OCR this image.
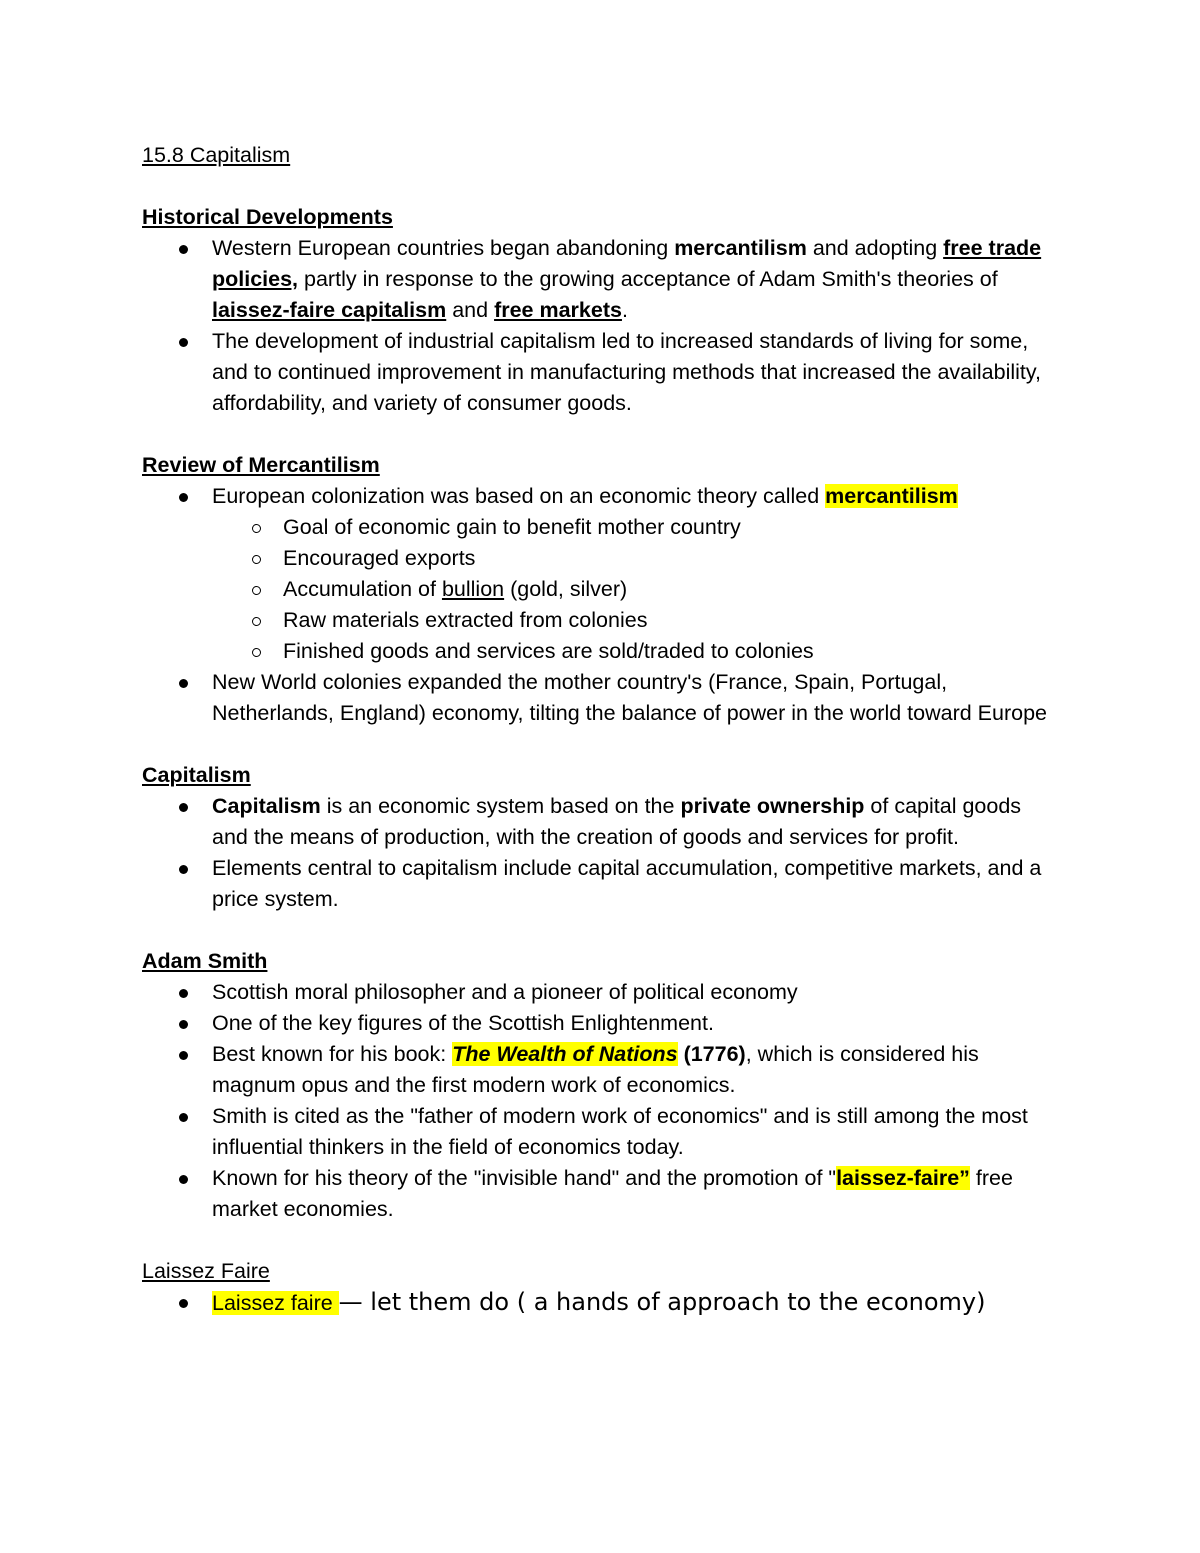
15.8 Capitalism
Historical Developments
Western European countries began abandoning mercantilism and adopting free trade policies, partly in response to the growing acceptance of Adam Smith's theories of laissez-faire capitalism and free markets.
The development of industrial capitalism led to increased standards of living for some, and to continued improvement in manufacturing methods that increased the availability, affordability, and variety of consumer goods.
Review of Mercantilism
European colonization was based on an economic theory called mercantilism
Goal of economic gain to benefit mother country
Encouraged exports
Accumulation of bullion (gold, silver)
Raw materials extracted from colonies
Finished goods and services are sold/traded to colonies
New World colonies expanded the mother country's (France, Spain, Portugal, Netherlands, England) economy, tilting the balance of power in the world toward Europe
Capitalism
Capitalism is an economic system based on the private ownership of capital goods and the means of production, with the creation of goods and services for profit.
Elements central to capitalism include capital accumulation, competitive markets, and a price system.
Adam Smith
Scottish moral philosopher and a pioneer of political economy
One of the key figures of the Scottish Enlightenment.
Best known for his book: The Wealth of Nations (1776), which is considered his magnum opus and the first modern work of economics.
Smith is cited as the "father of modern work of economics" and is still among the most influential thinkers in the field of economics today.
Known for his theory of the "invisible hand" and the promotion of "laissez-faire” free market economies.
Laissez Faire
Laissez faire — let them do ( a hands of approach to the economy)
